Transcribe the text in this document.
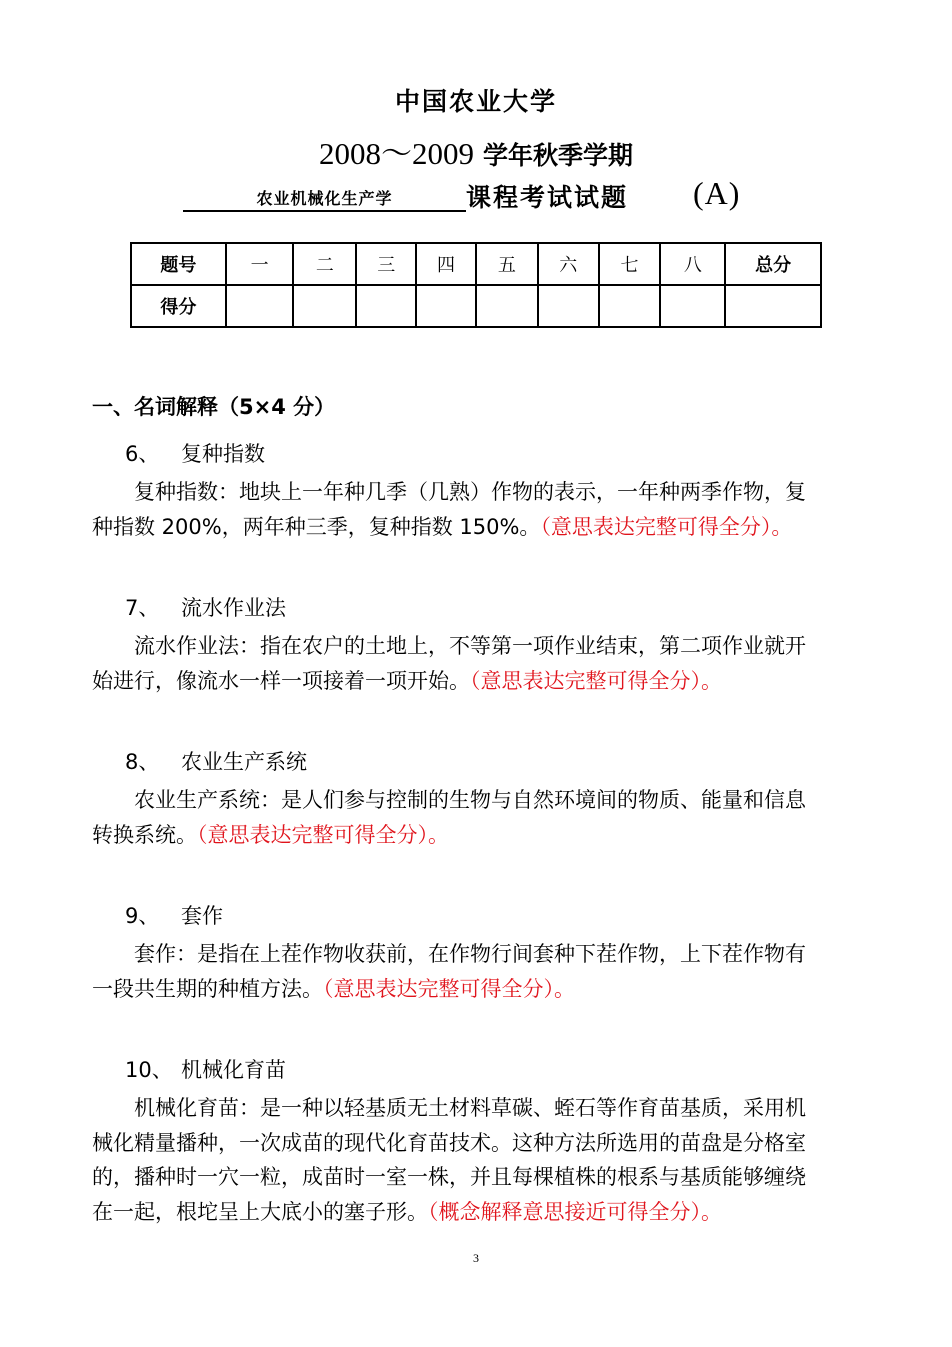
中国农业大学
2008～2009 学年秋季学期
农业机械化生产学	课程考试试题 (A)
题号	一	二	三	四	五	六	七	八	总分
得分									
一、名词解释（5×4 分）
6、 复种指数
复种指数：地块上一年种几季（几熟）作物的表示，一年种两季作物，复
种指数 200%，两年种三季，复种指数 150%。（意思表达完整可得全分）。
7、 流水作业法
流水作业法：指在农户的土地上，不等第一项作业结束，第二项作业就开
始进行，像流水一样一项接着一项开始。（意思表达完整可得全分）。
8、 农业生产系统
农业生产系统：是人们参与控制的生物与自然环境间的物质、能量和信息
转换系统。（意思表达完整可得全分）。
9、 套作
套作：是指在上茬作物收获前，在作物行间套种下茬作物，上下茬作物有
一段共生期的种植方法。（意思表达完整可得全分）。
10、 机械化育苗
机械化育苗：是一种以轻基质无土材料草碳、蛭石等作育苗基质，采用机
械化精量播种，一次成苗的现代化育苗技术。这种方法所选用的苗盘是分格室
的，播种时一穴一粒，成苗时一室一株，并且每棵植株的根系与基质能够缠绕
在一起，根坨呈上大底小的塞子形。（概念解释意思接近可得全分）。
3
